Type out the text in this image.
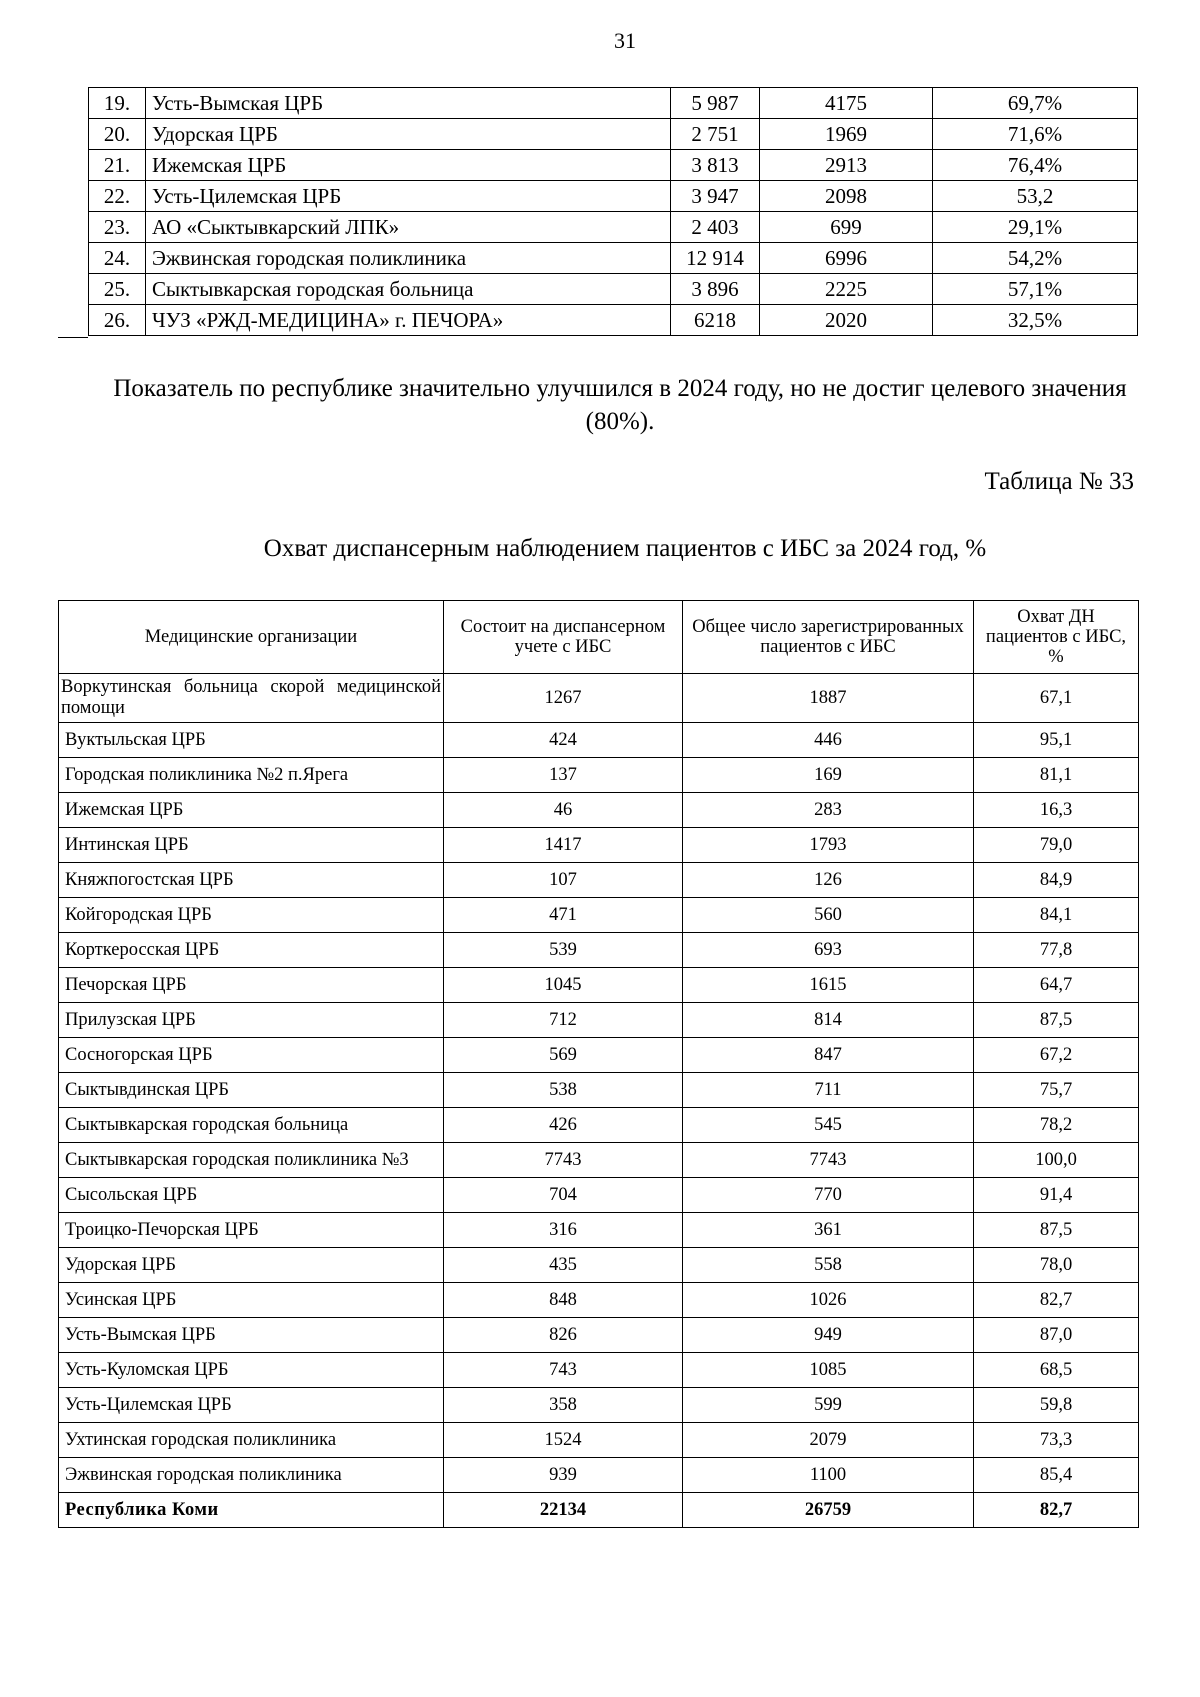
31
19.	Усть-Вымская ЦРБ	5 987	4175	69,7%
20.	Удорская ЦРБ	2 751	1969	71,6%
21.	Ижемская ЦРБ	3 813	2913	76,4%
22.	Усть-Цилемская ЦРБ	3 947	2098	53,2
23.	АО «Сыктывкарский ЛПК»	2 403	699	29,1%
24.	Эжвинская городская поликлиника	12 914	6996	54,2%
25.	Сыктывкарская городская больница	3 896	2225	57,1%
26.	ЧУЗ «РЖД-МЕДИЦИНА» г. ПЕЧОРА»	6218	2020	32,5%
Показатель по республике значительно улучшился в 2024 году, но не достиг целевого значения (80%).
Таблица № 33
Охват диспансерным наблюдением пациентов с ИБС за 2024 год, %
Медицинские организации	Состоит на диспансерном учете с ИБС	Общее число зарегистрированных пациентов с ИБС	Охват ДН пациентов с ИБС, %
Воркутинская больница скорой медицинской помощи	1267	1887	67,1
Вуктыльская ЦРБ	424	446	95,1
Городская поликлиника №2 п.Ярега	137	169	81,1
Ижемская ЦРБ	46	283	16,3
Интинская ЦРБ	1417	1793	79,0
Княжпогостская ЦРБ	107	126	84,9
Койгородская ЦРБ	471	560	84,1
Корткеросская ЦРБ	539	693	77,8
Печорская ЦРБ	1045	1615	64,7
Прилузская ЦРБ	712	814	87,5
Сосногорская ЦРБ	569	847	67,2
Сыктывдинская ЦРБ	538	711	75,7
Сыктывкарская городская больница	426	545	78,2
Сыктывкарская городская поликлиника №3	7743	7743	100,0
Сысольская ЦРБ	704	770	91,4
Троицко-Печорская ЦРБ	316	361	87,5
Удорская ЦРБ	435	558	78,0
Усинская ЦРБ	848	1026	82,7
Усть-Вымская ЦРБ	826	949	87,0
Усть-Куломская ЦРБ	743	1085	68,5
Усть-Цилемская ЦРБ	358	599	59,8
Ухтинская городская поликлиника	1524	2079	73,3
Эжвинская городская поликлиника	939	1100	85,4
Республика Коми	22134	26759	82,7
